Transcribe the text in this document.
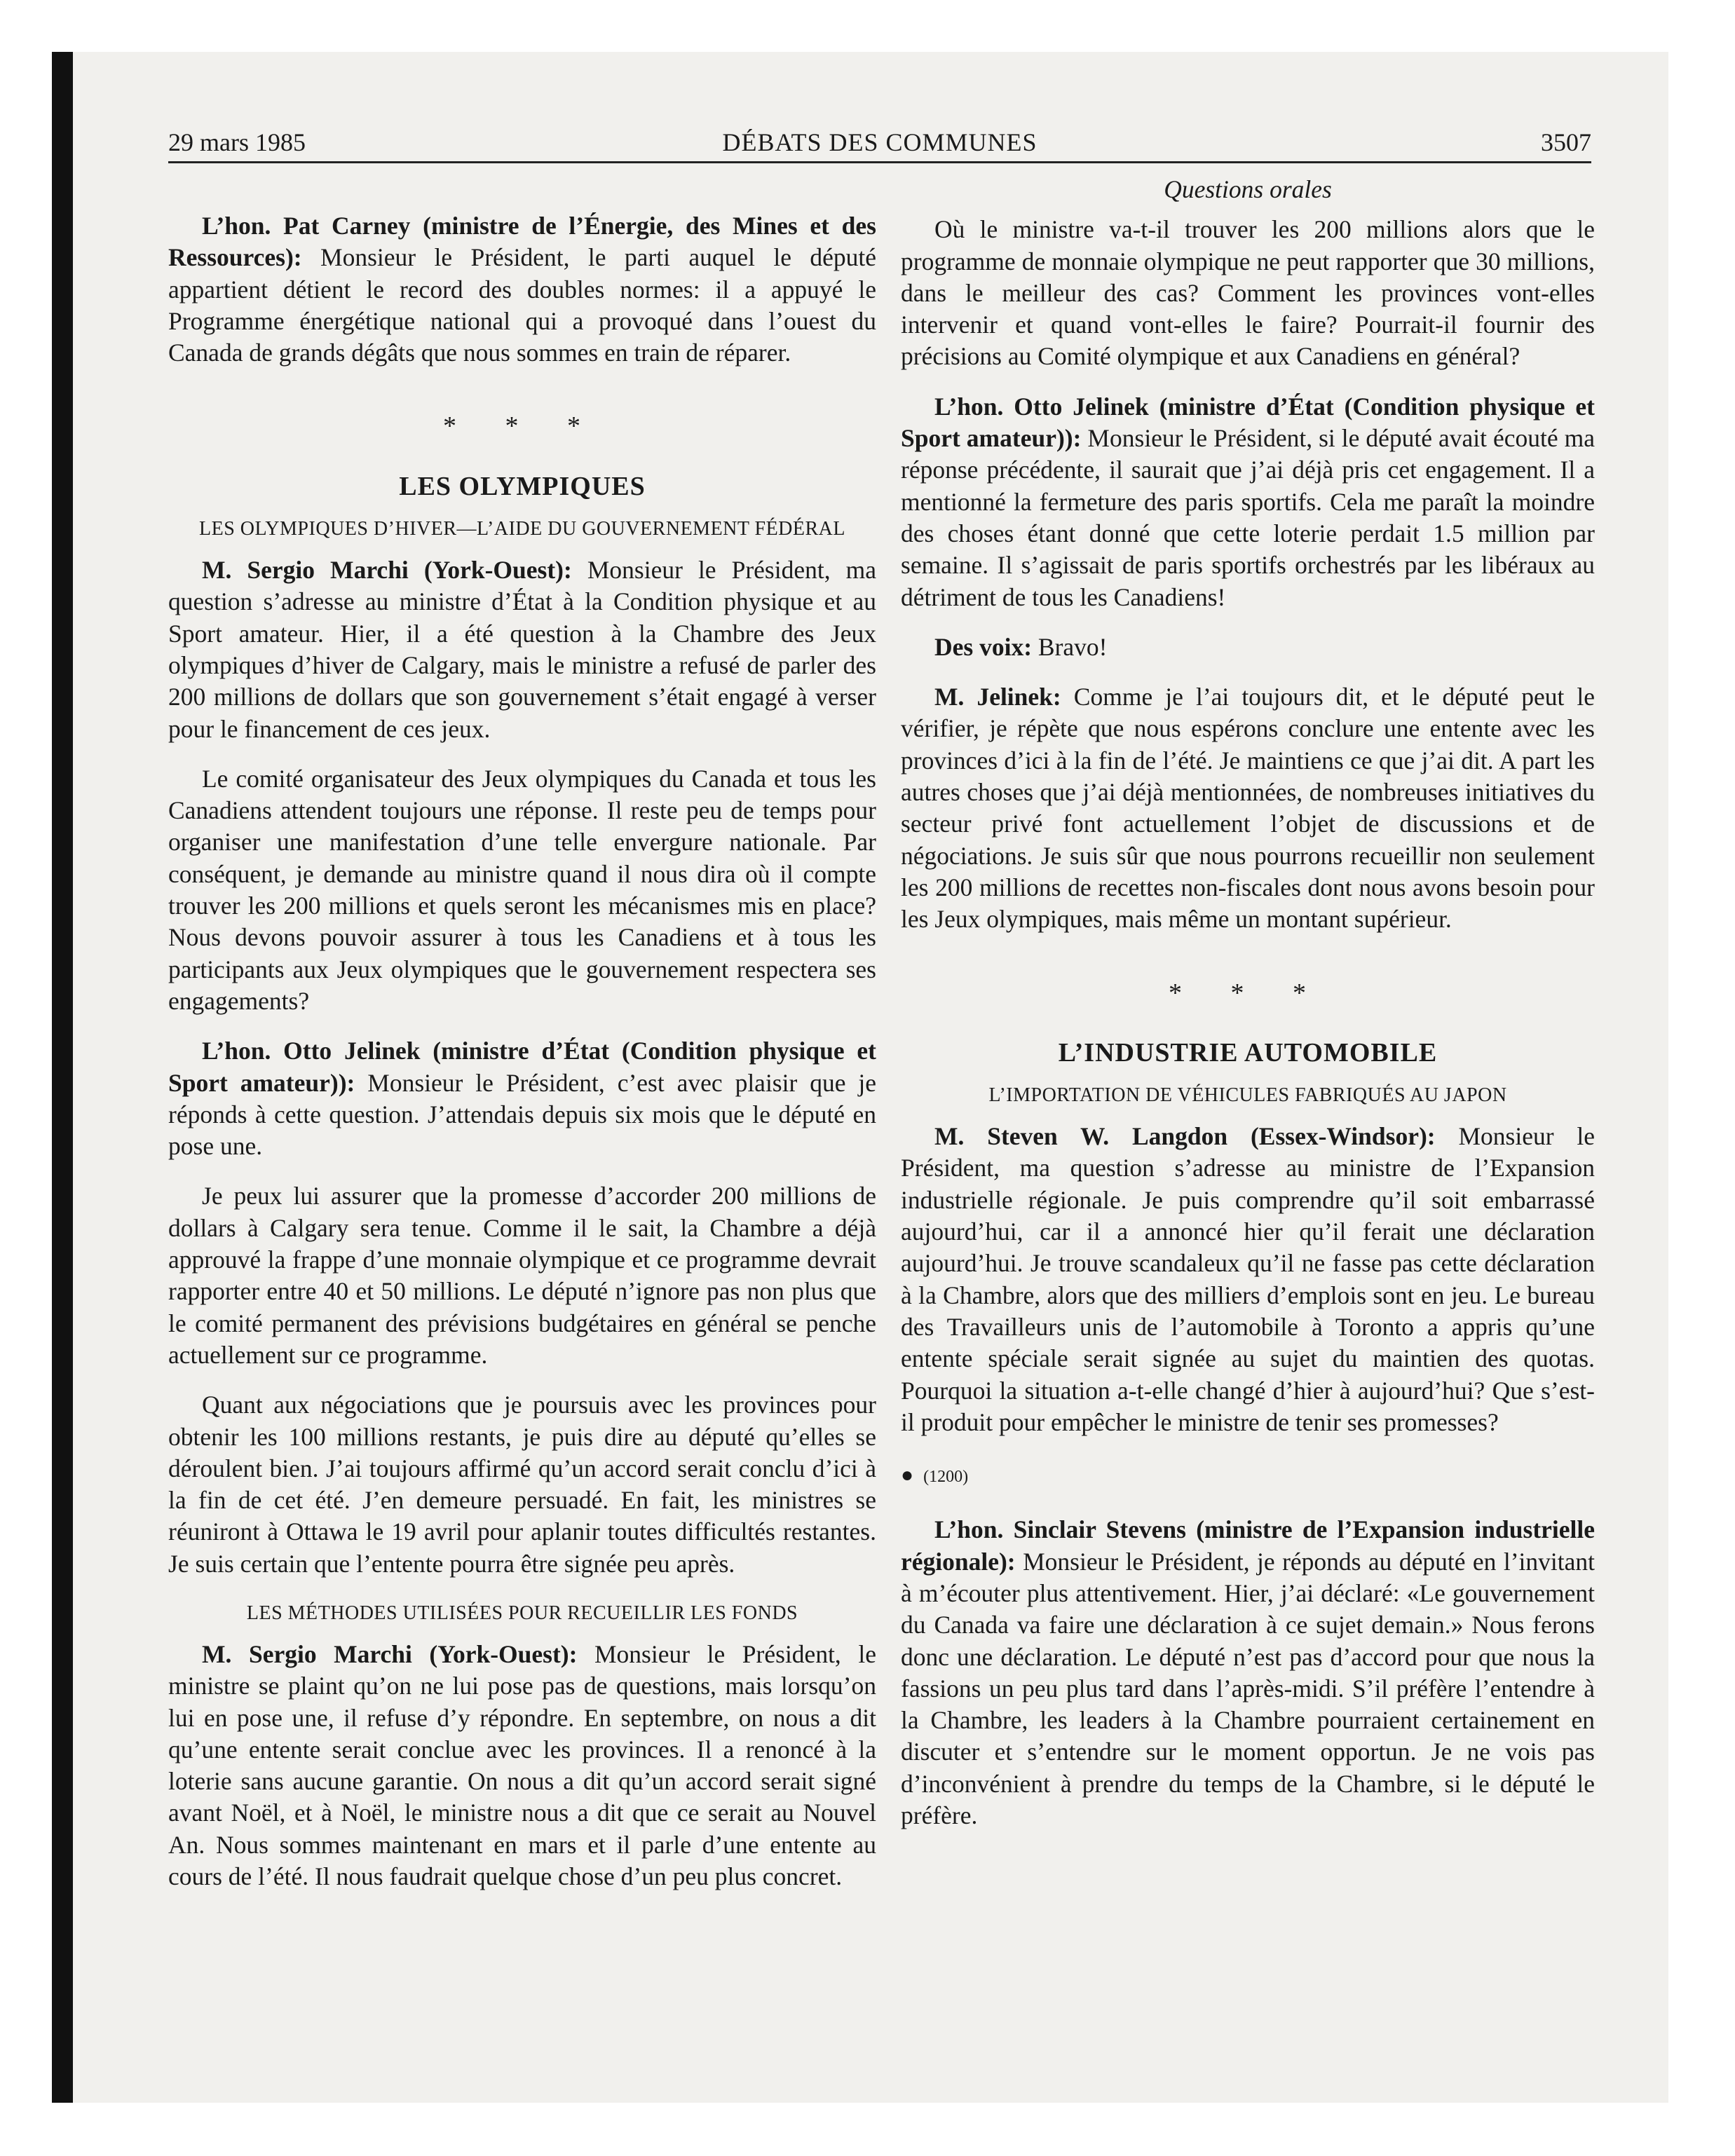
29 mars 1985	DÉBATS DES COMMUNES	3507

L’hon. Pat Carney (ministre de l’Énergie, des Mines et des Ressources): Monsieur le Président, le parti auquel le député appartient détient le record des doubles normes: il a appuyé le Programme énergétique national qui a provoqué dans l’ouest du Canada de grands dégâts que nous sommes en train de réparer.

* * *
LES OLYMPIQUES
LES OLYMPIQUES D’HIVER—L’AIDE DU GOUVERNEMENT FÉDÉRAL

M. Sergio Marchi (York-Ouest): Monsieur le Président, ma question s’adresse au ministre d’État à la Condition physique et au Sport amateur. Hier, il a été question à la Chambre des Jeux olympiques d’hiver de Calgary, mais le ministre a refusé de parler des 200 millions de dollars que son gouvernement s’était engagé à verser pour le financement de ces jeux.

Le comité organisateur des Jeux olympiques du Canada et tous les Canadiens attendent toujours une réponse. Il reste peu de temps pour organiser une manifestation d’une telle envergure nationale. Par conséquent, je demande au ministre quand il nous dira où il compte trouver les 200 millions et quels seront les mécanismes mis en place? Nous devons pouvoir assurer à tous les Canadiens et à tous les participants aux Jeux olympiques que le gouvernement respectera ses engagements?

L’hon. Otto Jelinek (ministre d’État (Condition physique et Sport amateur)): Monsieur le Président, c’est avec plaisir que je réponds à cette question. J’attendais depuis six mois que le député en pose une.

Je peux lui assurer que la promesse d’accorder 200 millions de dollars à Calgary sera tenue. Comme il le sait, la Chambre a déjà approuvé la frappe d’une monnaie olympique et ce programme devrait rapporter entre 40 et 50 millions. Le député n’ignore pas non plus que le comité permanent des prévisions budgétaires en général se penche actuellement sur ce programme.

Quant aux négociations que je poursuis avec les provinces pour obtenir les 100 millions restants, je puis dire au député qu’elles se déroulent bien. J’ai toujours affirmé qu’un accord serait conclu d’ici à la fin de cet été. J’en demeure persuadé. En fait, les ministres se réuniront à Ottawa le 19 avril pour aplanir toutes difficultés restantes. Je suis certain que l’entente pourra être signée peu après.

LES MÉTHODES UTILISÉES POUR RECUEILLIR LES FONDS

M. Sergio Marchi (York-Ouest): Monsieur le Président, le ministre se plaint qu’on ne lui pose pas de questions, mais lorsqu’on lui en pose une, il refuse d’y répondre. En septembre, on nous a dit qu’une entente serait conclue avec les provinces. Il a renoncé à la loterie sans aucune garantie. On nous a dit qu’un accord serait signé avant Noël, et à Noël, le ministre nous a dit que ce serait au Nouvel An. Nous sommes maintenant en mars et il parle d’une entente au cours de l’été. Il nous faudrait quelque chose d’un peu plus concret.

Questions orales

Où le ministre va-t-il trouver les 200 millions alors que le programme de monnaie olympique ne peut rapporter que 30 millions, dans le meilleur des cas? Comment les provinces vont-elles intervenir et quand vont-elles le faire? Pourrait-il fournir des précisions au Comité olympique et aux Canadiens en général?

L’hon. Otto Jelinek (ministre d’État (Condition physique et Sport amateur)): Monsieur le Président, si le député avait écouté ma réponse précédente, il saurait que j’ai déjà pris cet engagement. Il a mentionné la fermeture des paris sportifs. Cela me paraît la moindre des choses étant donné que cette loterie perdait 1.5 million par semaine. Il s’agissait de paris sportifs orchestrés par les libéraux au détriment de tous les Canadiens!

Des voix: Bravo!

M. Jelinek: Comme je l’ai toujours dit, et le député peut le vérifier, je répète que nous espérons conclure une entente avec les provinces d’ici à la fin de l’été. Je maintiens ce que j’ai dit. A part les autres choses que j’ai déjà mentionnées, de nombreuses initiatives du secteur privé font actuellement l’objet de discussions et de négociations. Je suis sûr que nous pourrons recueillir non seulement les 200 millions de recettes non-fiscales dont nous avons besoin pour les Jeux olympiques, mais même un montant supérieur.

* * *
L’INDUSTRIE AUTOMOBILE
L’IMPORTATION DE VÉHICULES FABRIQUÉS AU JAPON

M. Steven W. Langdon (Essex-Windsor): Monsieur le Président, ma question s’adresse au ministre de l’Expansion industrielle régionale. Je puis comprendre qu’il soit embarrassé aujourd’hui, car il a annoncé hier qu’il ferait une déclaration aujourd’hui. Je trouve scandaleux qu’il ne fasse pas cette déclaration à la Chambre, alors que des milliers d’emplois sont en jeu. Le bureau des Travailleurs unis de l’automobile à Toronto a appris qu’une entente spéciale serait signée au sujet du maintien des quotas. Pourquoi la situation a-t-elle changé d’hier à aujourd’hui? Que s’est-il produit pour empêcher le ministre de tenir ses promesses?

● (1200)

L’hon. Sinclair Stevens (ministre de l’Expansion industrielle régionale): Monsieur le Président, je réponds au député en l’invitant à m’écouter plus attentivement. Hier, j’ai déclaré: «Le gouvernement du Canada va faire une déclaration à ce sujet demain.» Nous ferons donc une déclaration. Le député n’est pas d’accord pour que nous la fassions un peu plus tard dans l’après-midi. S’il préfère l’entendre à la Chambre, les leaders à la Chambre pourraient certainement en discuter et s’entendre sur le moment opportun. Je ne vois pas d’inconvénient à prendre du temps de la Chambre, si le député le préfère.
